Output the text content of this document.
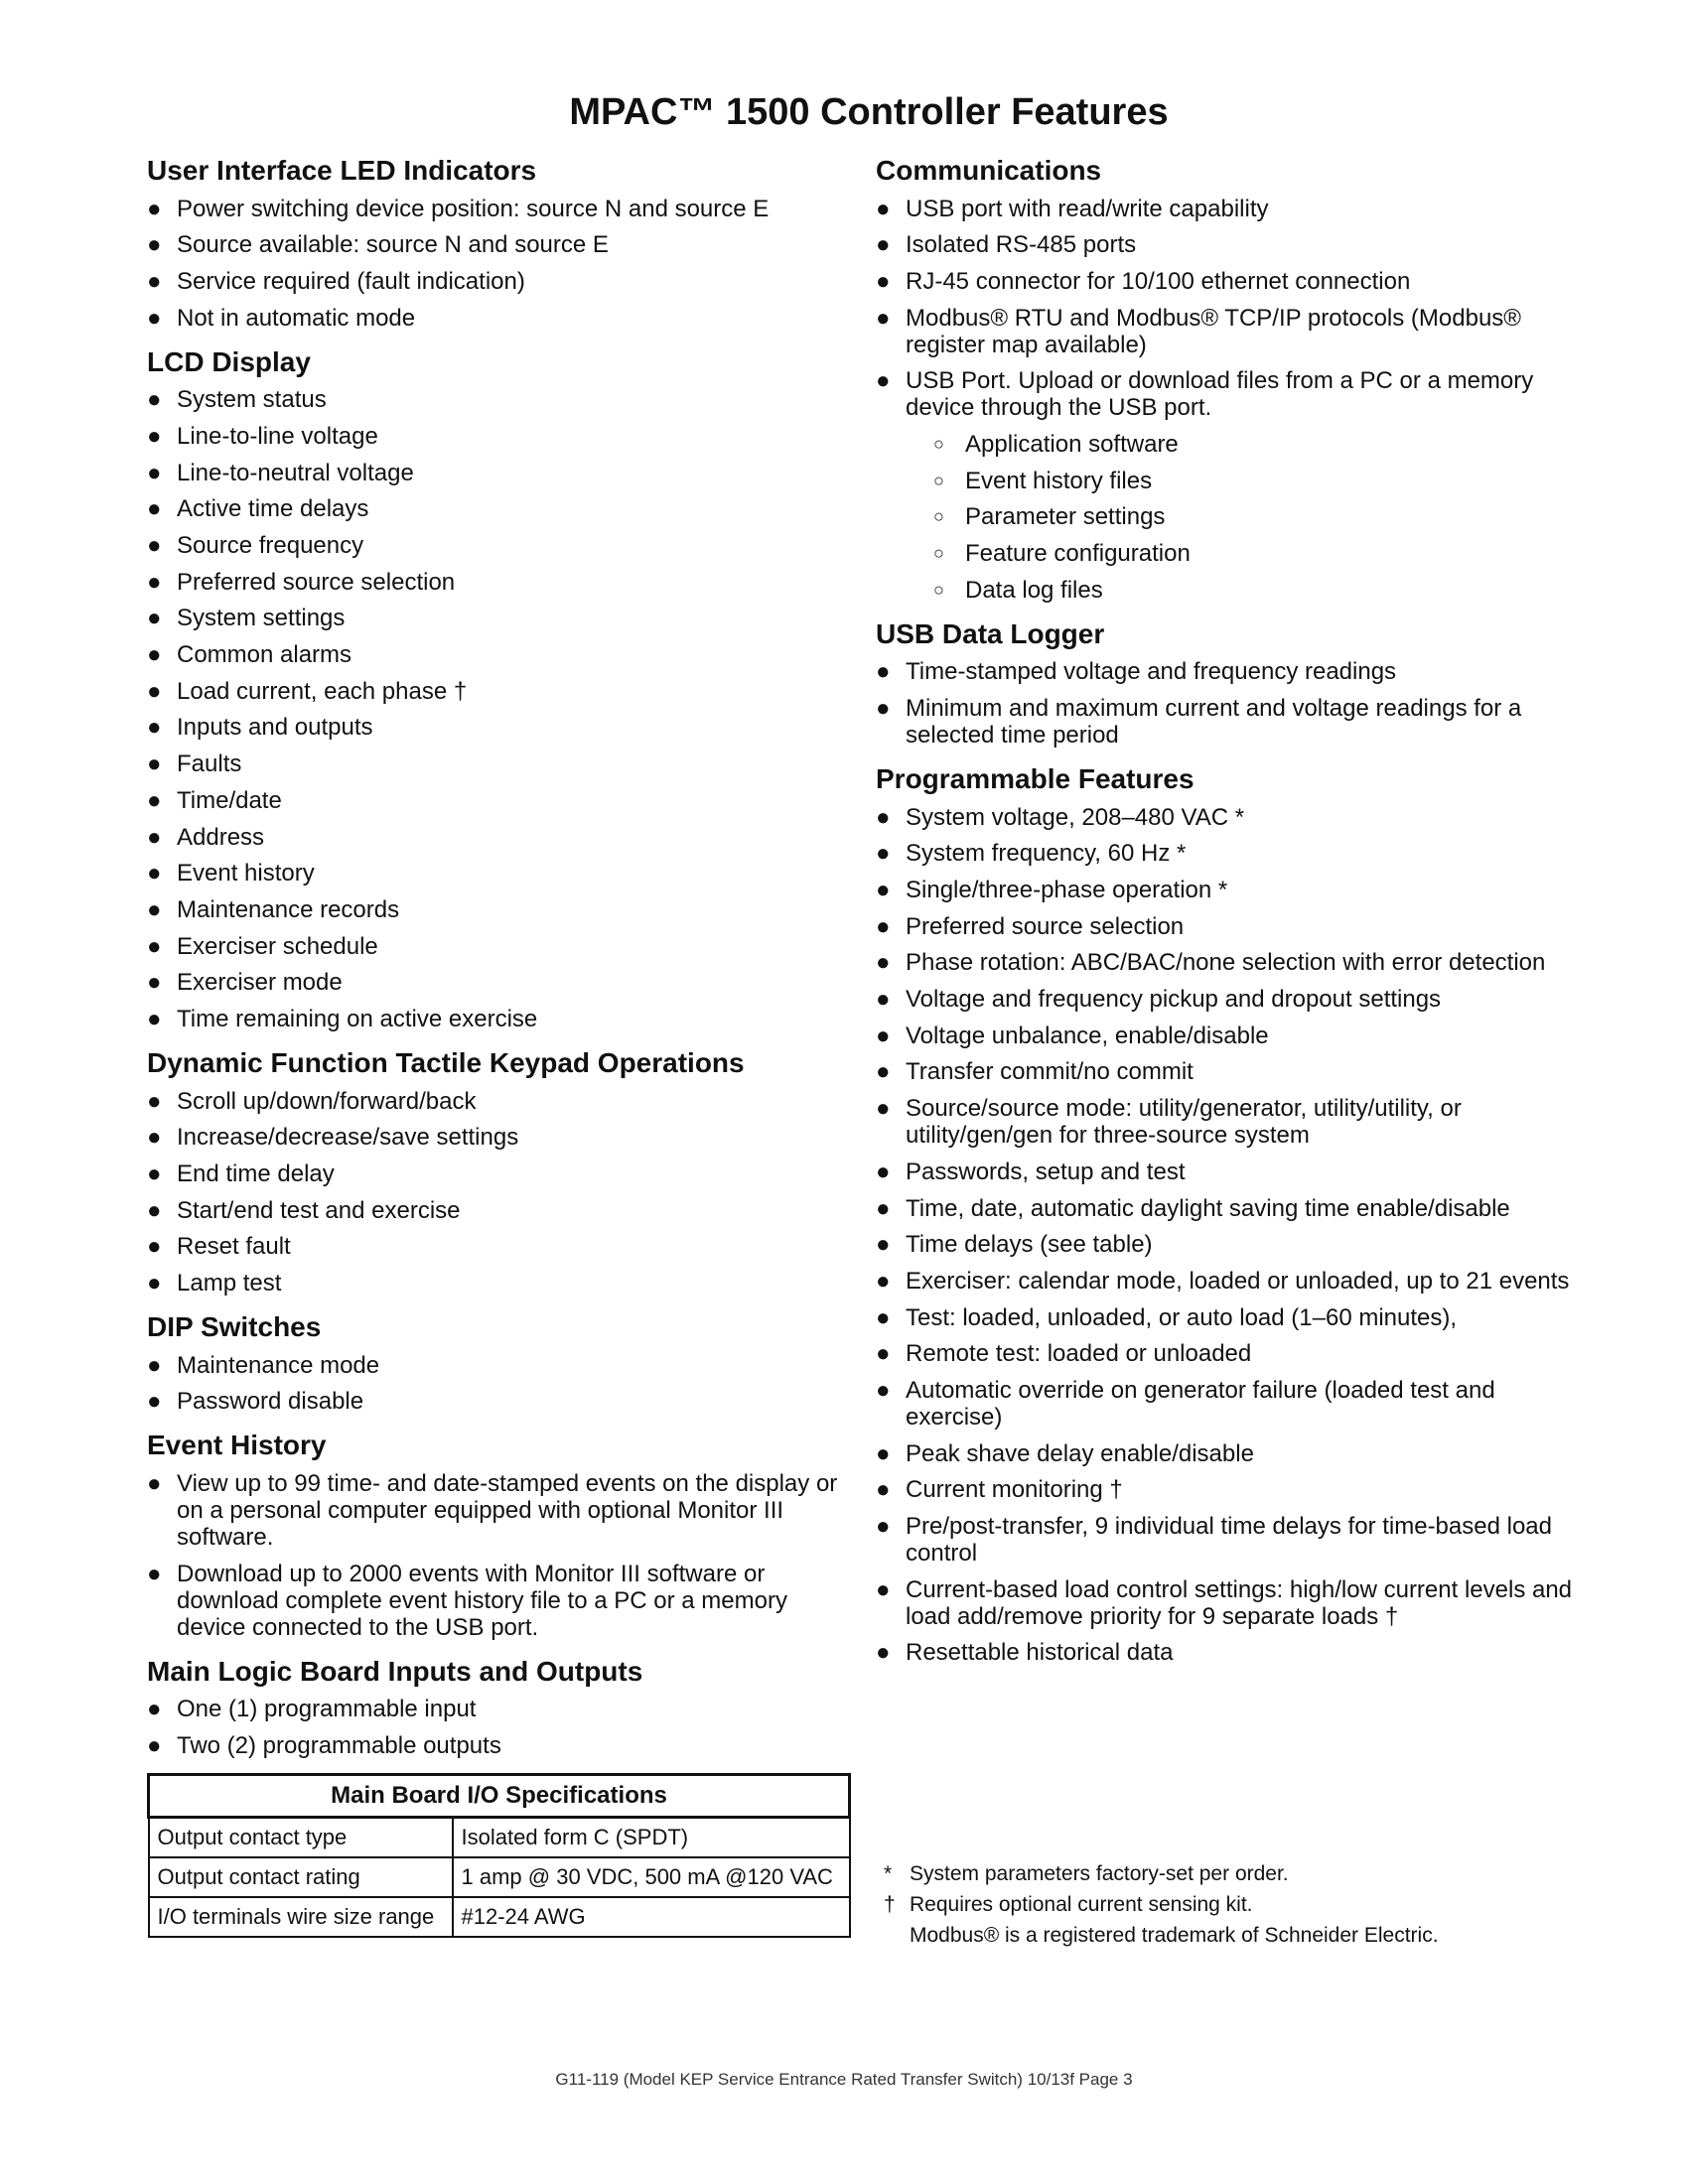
MPAC™ 1500 Controller Features
User Interface LED Indicators
● Power switching device position: source N and source E
● Source available: source N and source E
● Service required (fault indication)
● Not in automatic mode
LCD Display
● System status
● Line-to-line voltage
● Line-to-neutral voltage
● Active time delays
● Source frequency
● Preferred source selection
● System settings
● Common alarms
● Load current, each phase †
● Inputs and outputs
● Faults
● Time/date
● Address
● Event history
● Maintenance records
● Exerciser schedule
● Exerciser mode
● Time remaining on active exercise
Dynamic Function Tactile Keypad Operations
● Scroll up/down/forward/back
● Increase/decrease/save settings
● End time delay
● Start/end test and exercise
● Reset fault
● Lamp test
DIP Switches
● Maintenance mode
● Password disable
Event History
● View up to 99 time- and date-stamped events on the display or on a personal computer equipped with optional Monitor III software.
● Download up to 2000 events with Monitor III software or download complete event history file to a PC or a memory device connected to the USB port.
Main Logic Board Inputs and Outputs
● One (1) programmable input
● Two (2) programmable outputs
Main Board I/O Specifications	
Output contact type	Isolated form C (SPDT)
Output contact rating	1 amp @ 30 VDC, 500 mA @120 VAC
I/O terminals wire size range	#12-24 AWG
Communications
● USB port with read/write capability
● Isolated RS-485 ports
● RJ-45 connector for 10/100 ethernet connection
● Modbus® RTU and Modbus® TCP/IP protocols (Modbus® register map available)
● USB Port. Upload or download files from a PC or a memory device through the USB port.
○ Application software
○ Event history files
○ Parameter settings
○ Feature configuration
○ Data log files
USB Data Logger
● Time-stamped voltage and frequency readings
● Minimum and maximum current and voltage readings for a selected time period
Programmable Features
● System voltage, 208–480 VAC *
● System frequency, 60 Hz *
● Single/three-phase operation *
● Preferred source selection
● Phase rotation: ABC/BAC/none selection with error detection
● Voltage and frequency pickup and dropout settings
● Voltage unbalance, enable/disable
● Transfer commit/no commit
● Source/source mode: utility/generator, utility/utility, or utility/gen/gen for three-source system
● Passwords, setup and test
● Time, date, automatic daylight saving time enable/disable
● Time delays (see table)
● Exerciser: calendar mode, loaded or unloaded, up to 21 events
● Test: loaded, unloaded, or auto load (1–60 minutes),
● Remote test: loaded or unloaded
● Automatic override on generator failure (loaded test and exercise)
● Peak shave delay enable/disable
● Current monitoring †
● Pre/post-transfer, 9 individual time delays for time-based load control
● Current-based load control settings: high/low current levels and load add/remove priority for 9 separate loads †
● Resettable historical data
* System parameters factory-set per order.
† Requires optional current sensing kit.
Modbus® is a registered trademark of Schneider Electric.
G11-119 (Model KEP Service Entrance Rated Transfer Switch) 10/13f Page 3
